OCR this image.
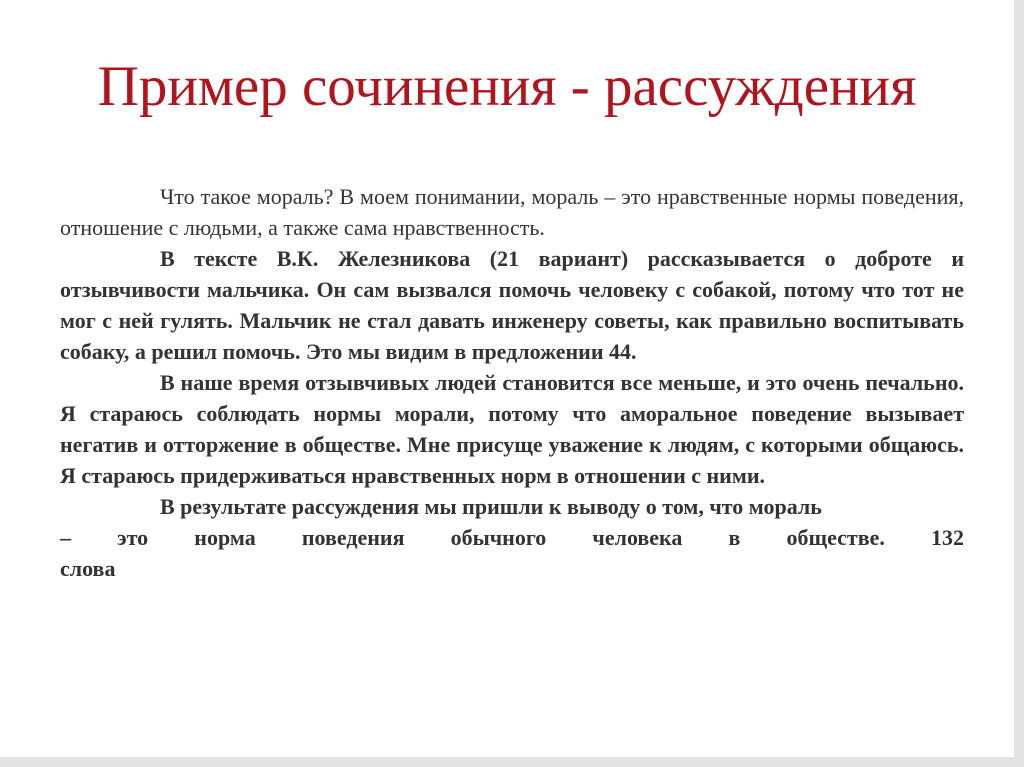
Пример сочинения - рассуждения

Что такое мораль? В моем понимании, мораль – это нравственные нормы поведения, отношение с людьми, а также сама нравственность.

В тексте В.К. Железникова (21 вариант) рассказывается о доброте и отзывчивости мальчика. Он сам вызвался помочь человеку с собакой, потому что тот не мог с ней гулять. Мальчик не стал давать инженеру советы, как правильно воспитывать собаку, а решил помочь. Это мы видим в предложении 44.

В наше время отзывчивых людей становится все меньше, и это очень печально. Я стараюсь соблюдать нормы морали, потому что аморальное поведение вызывает негатив и отторжение в обществе. Мне присуще уважение к людям, с которыми общаюсь. Я стараюсь придерживаться нравственных норм в отношении с ними.

В результате рассуждения мы пришли к выводу о том, что мораль

– это норма поведения обычного человека в обществе. 132

слова
